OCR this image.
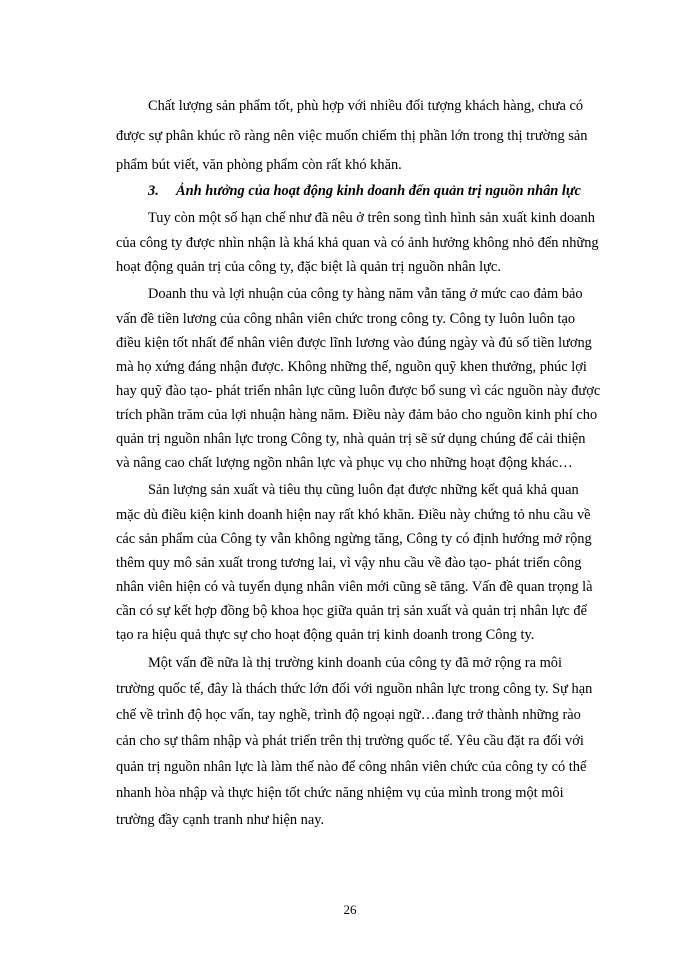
Chất lượng sản phẩm tốt, phù hợp với nhiều đối tượng khách hàng, chưa có
được sự phân khúc rõ ràng nên việc muốn chiếm thị phần lớn trong thị trường sản
phẩm bút viết, văn phòng phẩm còn rất khó khăn.
3. Ảnh hưởng của hoạt động kinh doanh đến quản trị nguồn nhân lực
Tuy còn một số hạn chế như đã nêu ở trên song tình hình sản xuất kinh doanh
của công ty được nhìn nhận là khá khả quan và có ảnh hưởng không nhỏ đến những
hoạt động quản trị của công ty, đặc biệt là quản trị nguồn nhân lực.
Doanh thu và lợi nhuận của công ty hàng năm vẫn tăng ở mức cao đảm bảo
vấn đề tiền lương của công nhân viên chức trong công ty. Công ty luôn luôn tạo
điều kiện tốt nhất để nhân viên được lĩnh lương vào đúng ngày và đủ số tiền lương
mà họ xứng đáng nhận được. Không những thế, nguồn quỹ khen thưởng, phúc lợi
hay quỹ đào tạo- phát triển nhân lực cũng luôn được bổ sung vì các nguồn này được
trích phần trăm của lợi nhuận hàng năm. Điều này đảm bảo cho nguồn kinh phí cho
quản trị nguồn nhân lực trong Công ty, nhà quản trị sẽ sử dụng chúng để cải thiện
và nâng cao chất lượng ngồn nhân lực và phục vụ cho những hoạt động khác…
Sản lượng sản xuất và tiêu thụ cũng luôn đạt được những kết quả khả quan
mặc dù điều kiện kinh doanh hiện nay rất khó khăn. Điều này chứng tỏ nhu cầu về
các sản phẩm của Công ty vẫn không ngừng tăng, Công ty có định hướng mở rộng
thêm quy mô sản xuất trong tương lai, vì vậy nhu cầu về đào tạo- phát triển công
nhân viên hiện có và tuyển dụng nhân viên mới cũng sẽ tăng. Vấn đề quan trọng là
cần có sự kết hợp đồng bộ khoa học giữa quản trị sản xuất và quản trị nhân lực để
tạo ra hiệu quả thực sự cho hoạt động quản trị kinh doanh trong Công ty.
Một vấn đề nữa là thị trường kinh doanh của công ty đã mở rộng ra môi
trường quốc tế, đây là thách thức lớn đối với nguồn nhân lực trong công ty. Sự hạn
chế về trình độ học vấn, tay nghề, trình độ ngoại ngữ…đang trở thành những rào
cản cho sự thâm nhập và phát triển trên thị trường quốc tế. Yêu cầu đặt ra đối với
quản trị nguồn nhân lực là làm thế nào để công nhân viên chức của công ty có thể
nhanh hòa nhập và thực hiện tốt chức năng nhiệm vụ của mình trong một môi
trường đầy cạnh tranh như hiện nay.
26
